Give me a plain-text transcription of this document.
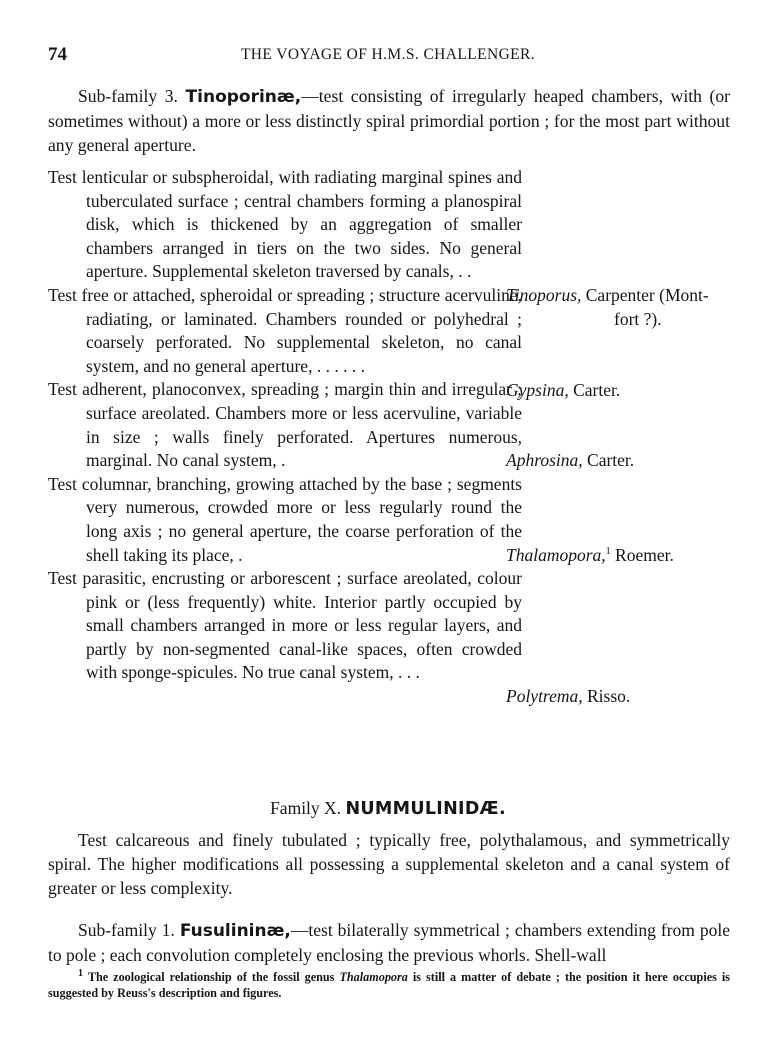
74	THE VOYAGE OF H.M.S. CHALLENGER.

Sub-family 3. Tinoporinæ,—test consisting of irregularly heaped chambers, with (or sometimes without) a more or less distinctly spiral primordial portion ; for the most part without any general aperture.

Tinoporus, Carpenter (Mont-
fort ?).

Test lenticular or subspheroidal, with radiating marginal spines and tuberculated surface ; central chambers forming a planospiral disk, which is thickened by an aggregation of smaller chambers arranged in tiers on the two sides. No general aperture. Supplemental skeleton traversed by canals, . .

Gypsina, Carter.

Test free or attached, spheroidal or spreading ; structure acervuline, radiating, or laminated. Chambers rounded or polyhedral ; coarsely perforated. No supplemental skeleton, no canal system, and no general aperture, . . . . . .

Aphrosina, Carter.

Test adherent, planoconvex, spreading ; margin thin and irregular ; surface areolated. Chambers more or less acervuline, variable in size ; walls finely perforated. Apertures numerous, marginal. No canal system, .

Thalamopora,$^1$ Roemer.

Test columnar, branching, growing attached by the base ; segments very numerous, crowded more or less regularly round the long axis ; no general aperture, the coarse perforation of the shell taking its place, .

Polytrema, Risso.

Test parasitic, encrusting or arborescent ; surface areolated, colour pink or (less frequently) white. Interior partly occupied by small chambers arranged in more or less regular layers, and partly by non-segmented canal-like spaces, often crowded with sponge-spicules. No true canal system, . . .

Family X. NUMMULINIDÆ.

Test calcareous and finely tubulated ; typically free, polythalamous, and symmetrically spiral. The higher modifications all possessing a supplemental skeleton and a canal system of greater or less complexity.

Sub-family 1. Fusulininæ,—test bilaterally symmetrical ; chambers extending from pole to pole ; each convolution completely enclosing the previous whorls. Shell-wall

$^1$ The zoological relationship of the fossil genus Thalamopora is still a matter of debate ; the position it here occupies is suggested by Reuss's description and figures.
